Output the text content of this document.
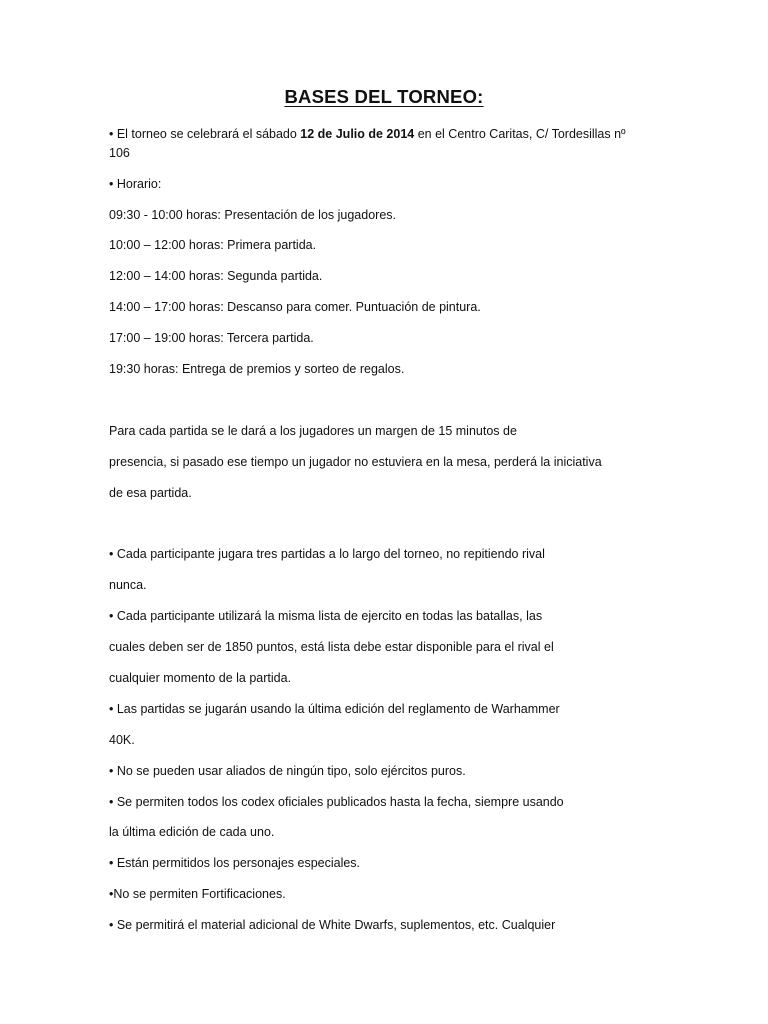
BASES DEL TORNEO:
• El torneo se celebrará el sábado 12 de Julio de 2014 en el Centro Caritas, C/ Tordesillas nº
106
• Horario:
09:30 - 10:00 horas: Presentación de los jugadores.
10:00 – 12:00 horas: Primera partida.
12:00 – 14:00 horas: Segunda partida.
14:00 – 17:00 horas: Descanso para comer. Puntuación de pintura.
17:00 – 19:00 horas: Tercera partida.
19:30 horas: Entrega de premios y sorteo de regalos.
Para cada partida se le dará a los jugadores un margen de 15 minutos de
presencia, si pasado ese tiempo un jugador no estuviera en la mesa, perderá la iniciativa
de esa partida.
• Cada participante jugara tres partidas a lo largo del torneo, no repitiendo rival
nunca.
• Cada participante utilizará la misma lista de ejercito en todas las batallas, las
cuales deben ser de 1850 puntos, está lista debe estar disponible para el rival el
cualquier momento de la partida.
• Las partidas se jugarán usando la última edición del reglamento de Warhammer
40K.
• No se pueden usar aliados de ningún tipo, solo ejércitos puros.
• Se permiten todos los codex oficiales publicados hasta la fecha, siempre usando
la última edición de cada uno.
• Están permitidos los personajes especiales.
•No se permiten Fortificaciones.
• Se permitirá el material adicional de White Dwarfs, suplementos, etc. Cualquier
